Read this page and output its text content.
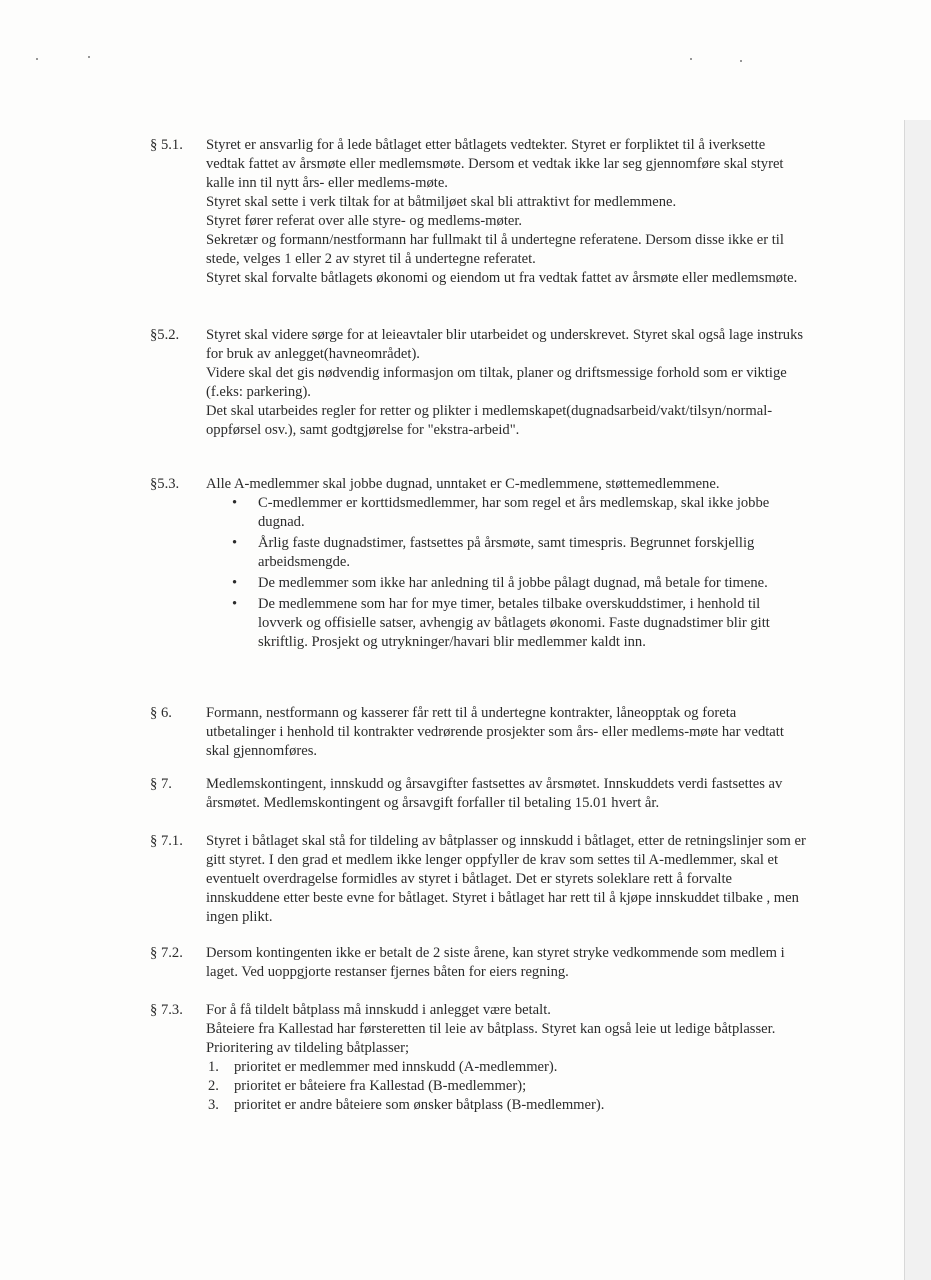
§ 5.1.	Styret er ansvarlig for å lede båtlaget etter båtlagets vedtekter. Styret er forpliktet til å iverksette vedtak fattet av årsmøte eller medlemsmøte. Dersom et vedtak ikke lar seg gjennomføre skal styret kalle inn til nytt års- eller medlems-møte.

Styret skal sette i verk tiltak for at båtmiljøet skal bli attraktivt for medlemmene.

Styret fører referat over alle styre- og medlems-møter.

Sekretær og formann/nestformann har fullmakt til å undertegne referatene. Dersom disse ikke er til stede, velges 1 eller 2 av styret til å undertegne referatet.

Styret skal forvalte båtlagets økonomi og eiendom ut fra vedtak fattet av årsmøte eller medlemsmøte.

§5.2.	Styret skal videre sørge for at leieavtaler blir utarbeidet og underskrevet. Styret skal også lage instruks for bruk av anlegget(havneområdet).

Videre skal det gis nødvendig informasjon om tiltak, planer og driftsmessige forhold som er viktige (f.eks: parkering).

Det skal utarbeides regler for retter og plikter i medlemskapet(dugnadsarbeid/vakt/tilsyn/normal-oppførsel osv.), samt godtgjørelse for "ekstra-arbeid".

§5.3.	Alle A-medlemmer skal jobbe dugnad, unntaket er C-medlemmene, støttemedlemmene.

• C-medlemmer er korttidsmedlemmer, har som regel et års medlemskap, skal ikke jobbe dugnad.
• Årlig faste dugnadstimer, fastsettes på årsmøte, samt timespris. Begrunnet forskjellig arbeidsmengde.
• De medlemmer som ikke har anledning til å jobbe pålagt dugnad, må betale for timene.
• De medlemmene som har for mye timer, betales tilbake overskuddstimer, i henhold til lovverk og offisielle satser, avhengig av båtlagets økonomi. Faste dugnadstimer blir gitt skriftlig. Prosjekt og utrykninger/havari blir medlemmer kaldt inn.
§ 6.	Formann, nestformann og kasserer får rett til å undertegne kontrakter, låneopptak og foreta utbetalinger i henhold til kontrakter vedrørende prosjekter som års- eller medlems-møte har vedtatt skal gjennomføres.

§ 7.	Medlemskontingent, innskudd og årsavgifter fastsettes av årsmøtet. Innskuddets verdi fastsettes av årsmøtet. Medlemskontingent og årsavgift forfaller til betaling 15.01 hvert år.

§ 7.1.	Styret i båtlaget skal stå for tildeling av båtplasser og innskudd i båtlaget, etter de retningslinjer som er gitt styret. I den grad et medlem ikke lenger oppfyller de krav som settes til A-medlemmer, skal et eventuelt overdragelse formidles av styret i båtlaget. Det er styrets soleklare rett å forvalte innskuddene etter beste evne for båtlaget. Styret i båtlaget har rett til å kjøpe innskuddet tilbake , men ingen plikt.

§ 7.2.	Dersom kontingenten ikke er betalt de 2 siste årene, kan styret stryke vedkommende som medlem i laget. Ved uoppgjorte restanser fjernes båten for eiers regning.

§ 7.3.	For å få tildelt båtplass må innskudd i anlegget være betalt.

Båteiere fra Kallestad har førsteretten til leie av båtplass. Styret kan også leie ut ledige båtplasser.

Prioritering av tildeling båtplasser;

1. prioritet er medlemmer med innskudd (A-medlemmer).
2. prioritet er båteiere fra Kallestad (B-medlemmer);
3. prioritet er andre båteiere som ønsker båtplass (B-medlemmer).
